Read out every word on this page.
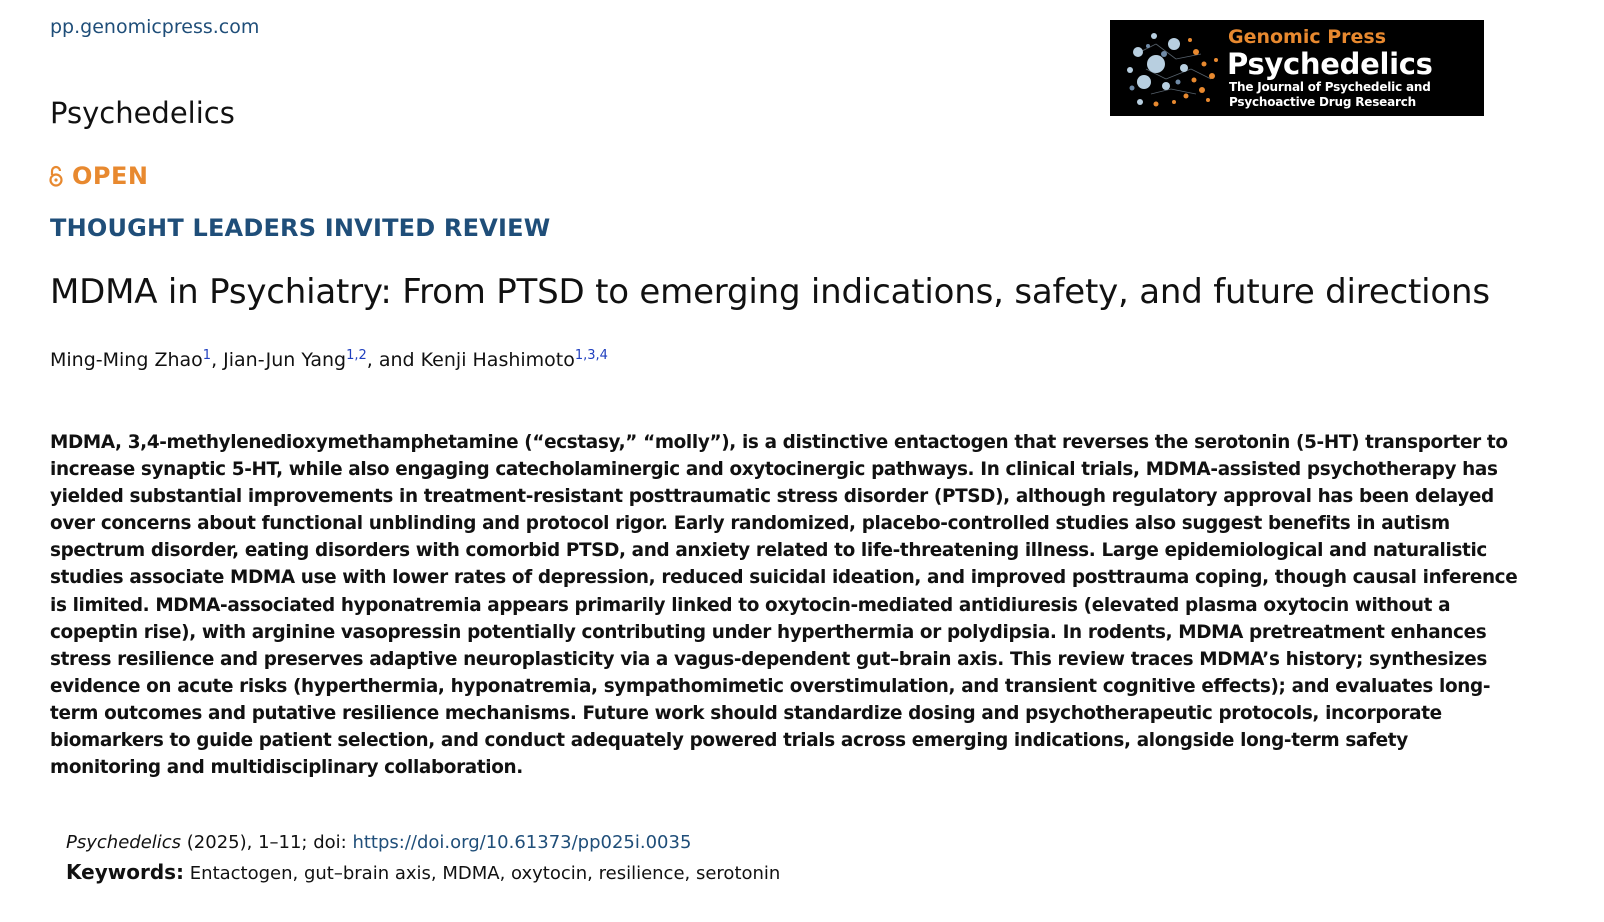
pp.genomicpress.com
Psychedelics
Genomic Press
Psychedelics
The Journal of Psychedelic and Psychoactive Drug Research
OPEN
THOUGHT LEADERS INVITED REVIEW
MDMA in Psychiatry: From PTSD to emerging indications, safety, and future directions
Ming-Ming Zhao$^1$, Jian-Jun Yang$^{1,2}$, and Kenji Hashimoto$^{1,3,4}$

MDMA, 3,4-methylenedioxymethamphetamine (“ecstasy,” “molly”), is a distinctive entactogen that reverses the serotonin (5-HT) transporter to increase synaptic 5-HT, while also engaging catecholaminergic and oxytocinergic pathways. In clinical trials, MDMA-assisted psychotherapy has yielded substantial improvements in treatment-resistant posttraumatic stress disorder (PTSD), although regulatory approval has been delayed over concerns about functional unblinding and protocol rigor. Early randomized, placebo-controlled studies also suggest benefits in autism spectrum disorder, eating disorders with comorbid PTSD, and anxiety related to life-threatening illness. Large epidemiological and naturalistic studies associate MDMA use with lower rates of depression, reduced suicidal ideation, and improved posttrauma coping, though causal inference is limited. MDMA-associated hyponatremia appears primarily linked to oxytocin-mediated antidiuresis (elevated plasma oxytocin without a copeptin rise), with arginine vasopressin potentially contributing under hyperthermia or polydipsia. In rodents, MDMA pretreatment enhances stress resilience and preserves adaptive neuroplasticity via a vagus-dependent gut–brain axis. This review traces MDMA’s history; synthesizes evidence on acute risks (hyperthermia, hyponatremia, sympathomimetic overstimulation, and transient cognitive effects); and evaluates long-term outcomes and putative resilience mechanisms. Future work should standardize dosing and psychotherapeutic protocols, incorporate biomarkers to guide patient selection, and conduct adequately powered trials across emerging indications, alongside long-term safety monitoring and multidisciplinary collaboration.

Psychedelics (2025), 1–11; doi: https://doi.org/10.61373/pp025i.0035
Keywords: Entactogen, gut–brain axis, MDMA, oxytocin, resilience, serotonin
